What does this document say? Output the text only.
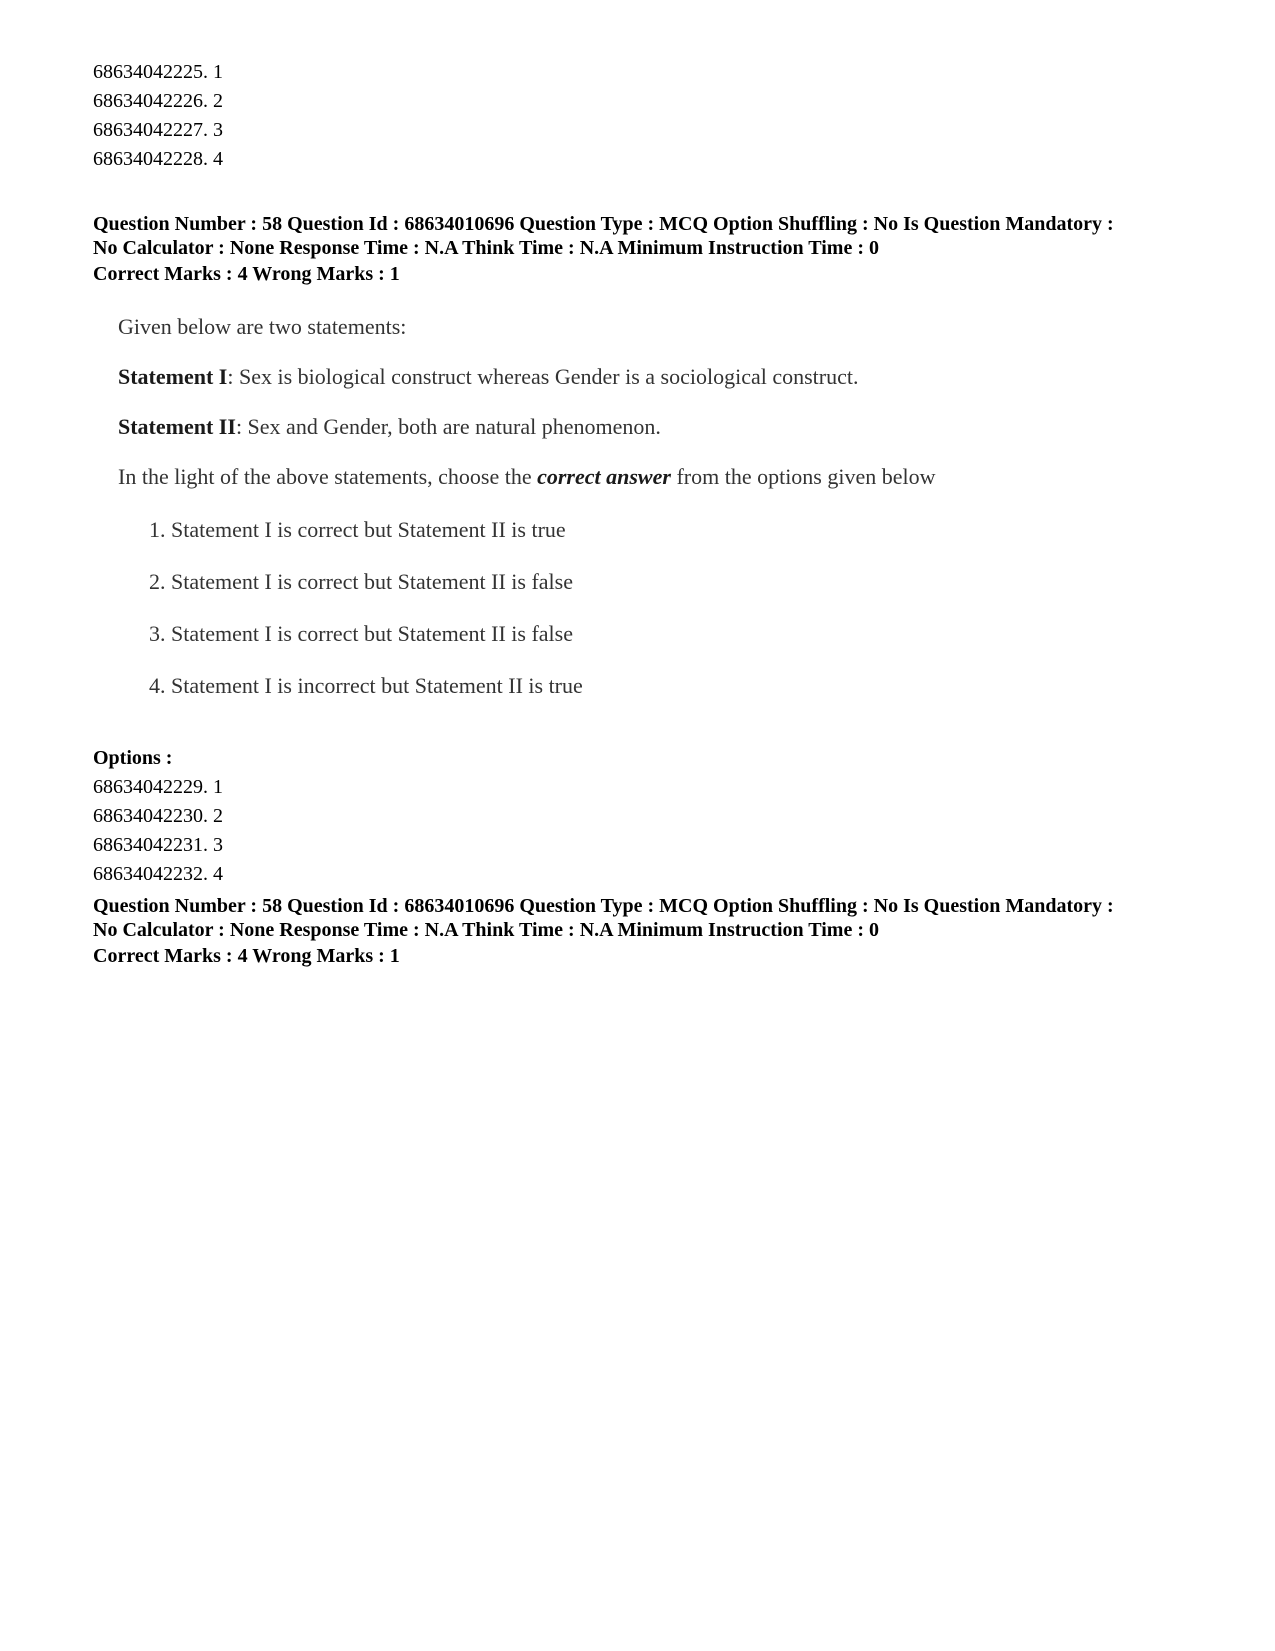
68634042225. 1
68634042226. 2
68634042227. 3
68634042228. 4
Question Number : 58 Question Id : 68634010696 Question Type : MCQ Option Shuffling : No Is Question Mandatory :
No Calculator : None Response Time : N.A Think Time : N.A Minimum Instruction Time : 0
Correct Marks : 4 Wrong Marks : 1
Given below are two statements:
Statement I: Sex is biological construct whereas Gender is a sociological construct.
Statement II: Sex and Gender, both are natural phenomenon.
In the light of the above statements, choose the correct answer from the options given below
1. Statement I is correct but Statement II is true
2. Statement I is correct but Statement II is false
3. Statement I is correct but Statement II is false
4. Statement I is incorrect but Statement II is true
Options :
68634042229. 1
68634042230. 2
68634042231. 3
68634042232. 4
Question Number : 58 Question Id : 68634010696 Question Type : MCQ Option Shuffling : No Is Question Mandatory :
No Calculator : None Response Time : N.A Think Time : N.A Minimum Instruction Time : 0
Correct Marks : 4 Wrong Marks : 1
